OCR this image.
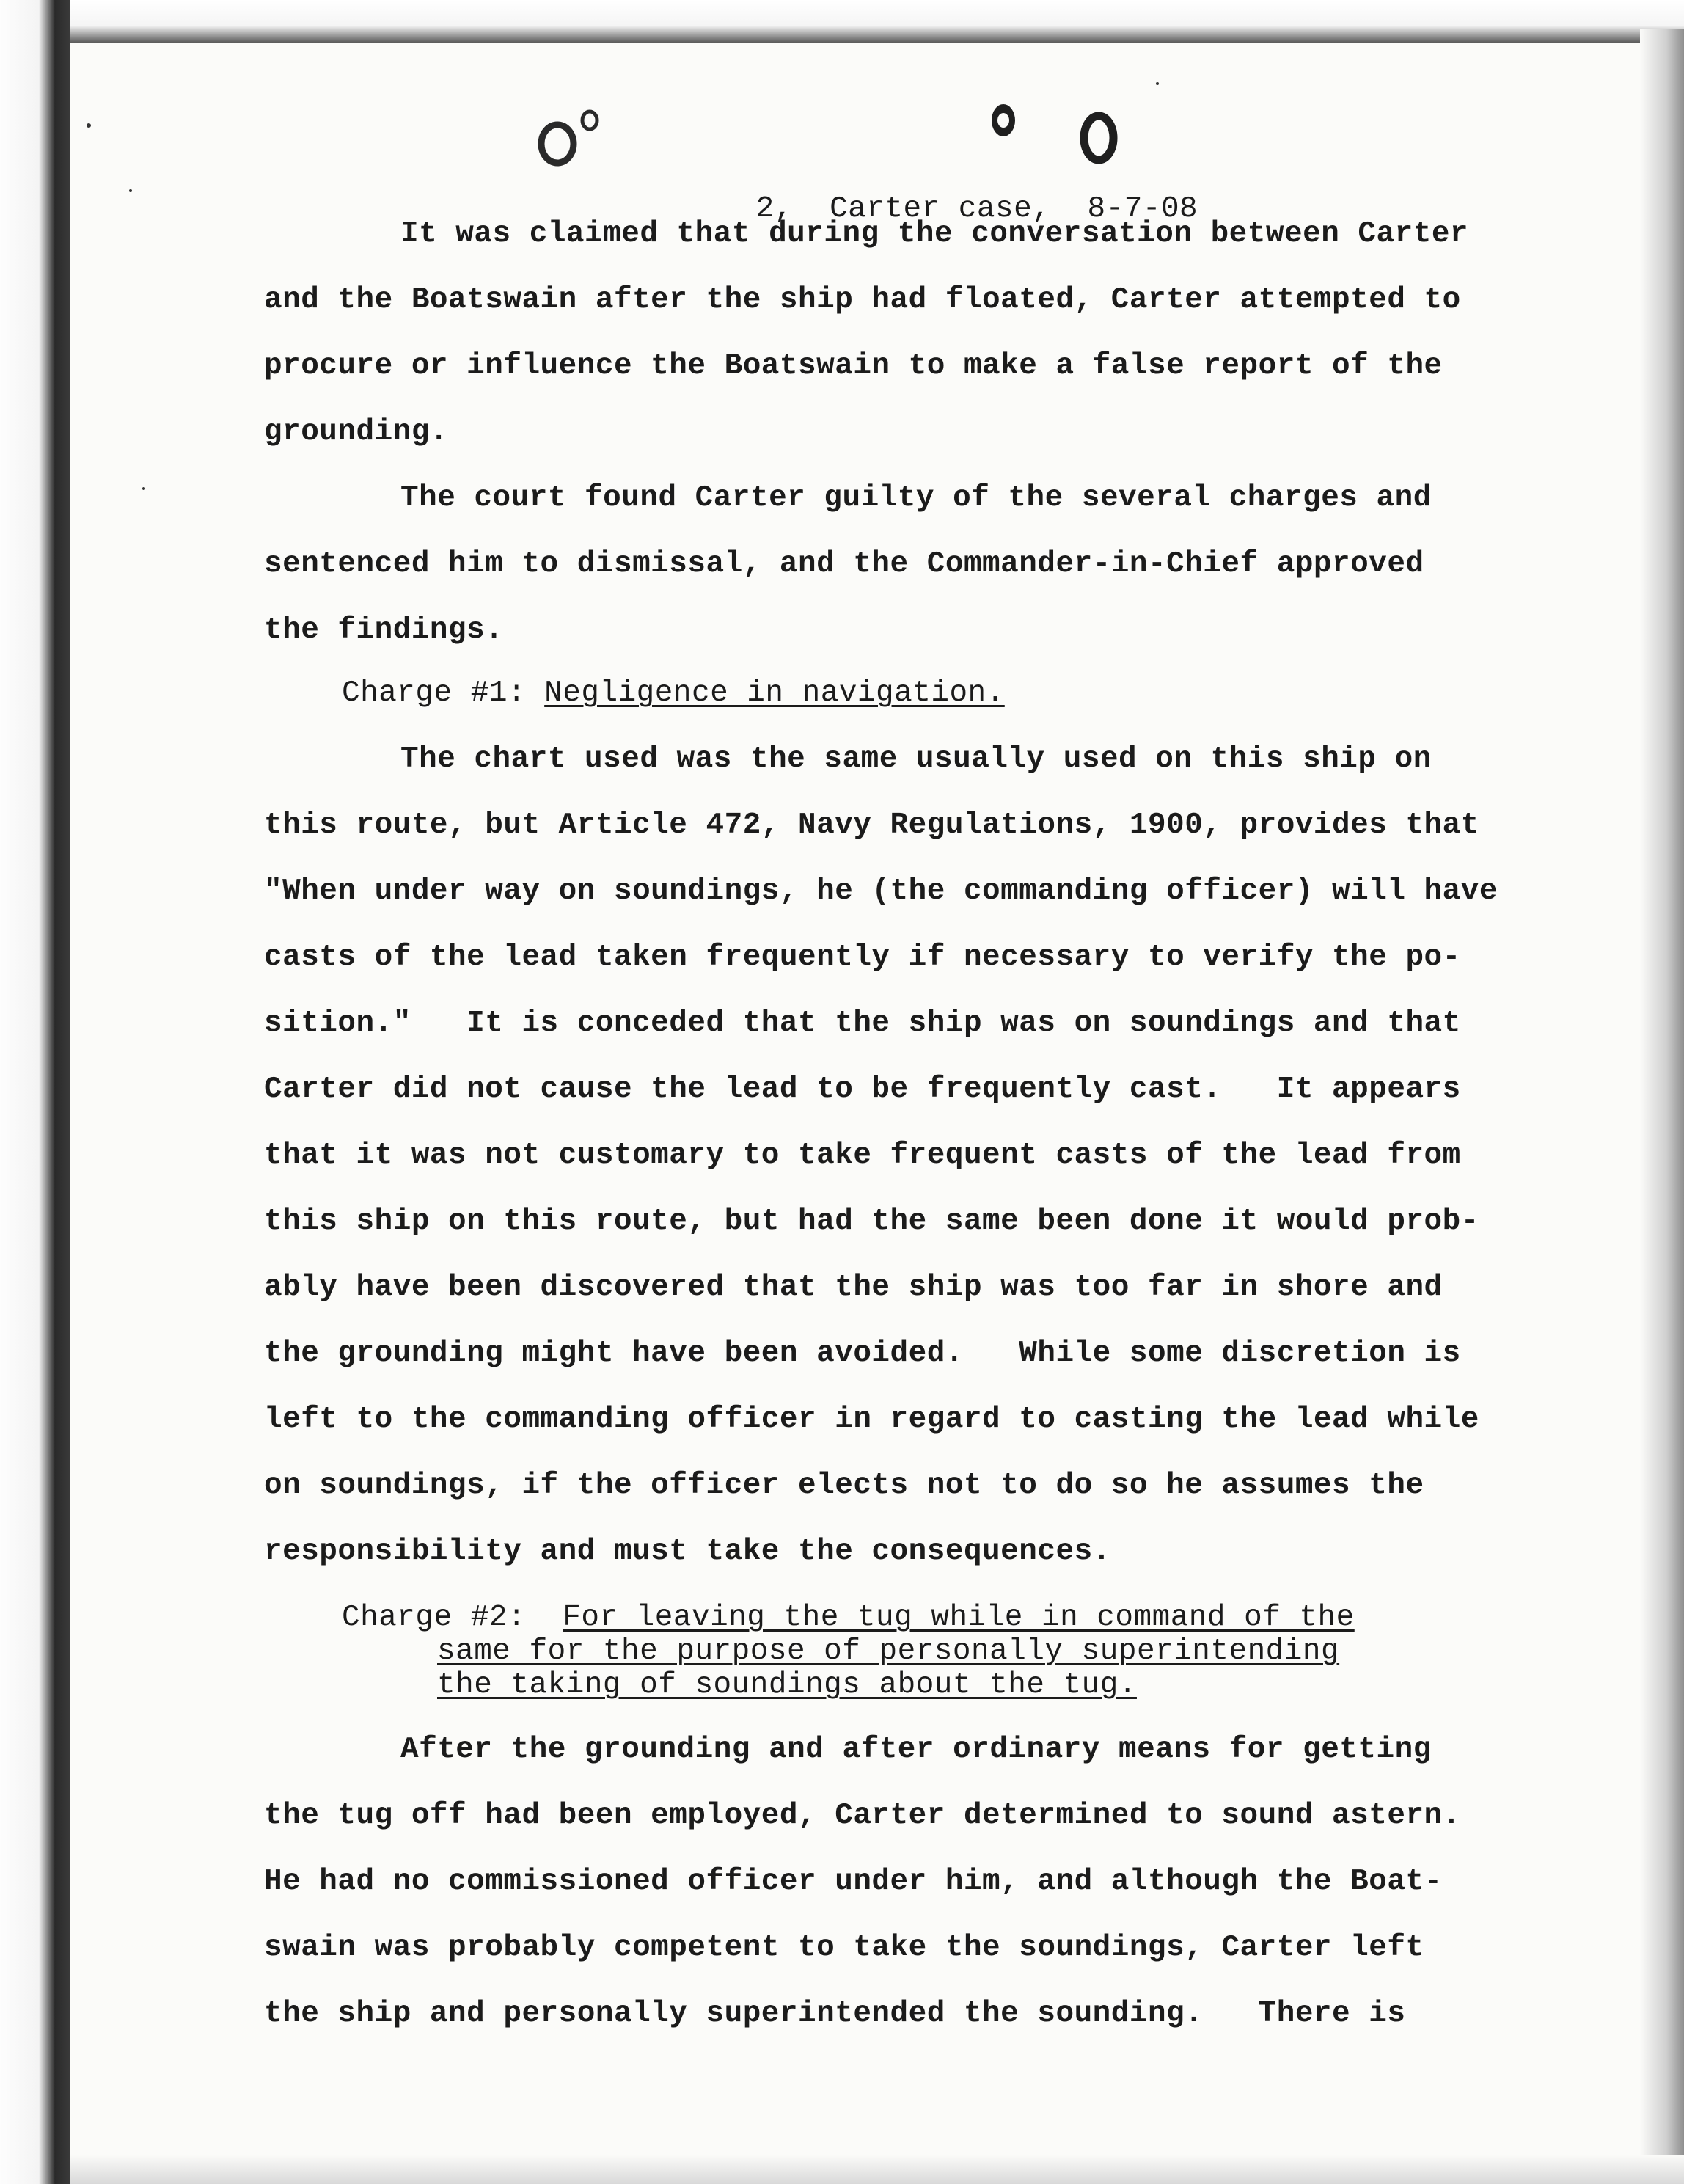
2, Carter case, 8-7-08

It was claimed that during the conversation between Carter
and the Boatswain after the ship had floated, Carter attempted to
procure or influence the Boatswain to make a false report of the
grounding.
The court found Carter guilty of the several charges and
sentenced him to dismissal, and the Commander-in-Chief approved
the findings.
Charge #1: Negligence in navigation.
The chart used was the same usually used on this ship on
this route, but Article 472, Navy Regulations, 1900, provides that
"When under way on soundings, he (the commanding officer) will have
casts of the lead taken frequently if necessary to verify the po-
sition."   It is conceded that the ship was on soundings and that
Carter did not cause the lead to be frequently cast.   It appears
that it was not customary to take frequent casts of the lead from
this ship on this route, but had the same been done it would prob-
ably have been discovered that the ship was too far in shore and
the grounding might have been avoided.   While some discretion is
left to the commanding officer in regard to casting the lead while
on soundings, if the officer elects not to do so he assumes the
responsibility and must take the consequences.
Charge #2: For leaving the tug while in command of the
same for the purpose of personally superintending
the taking of soundings about the tug.
After the grounding and after ordinary means for getting
the tug off had been employed, Carter determined to sound astern.
He had no commissioned officer under him, and although the Boat-
swain was probably competent to take the soundings, Carter left
the ship and personally superintended the sounding.   There is
